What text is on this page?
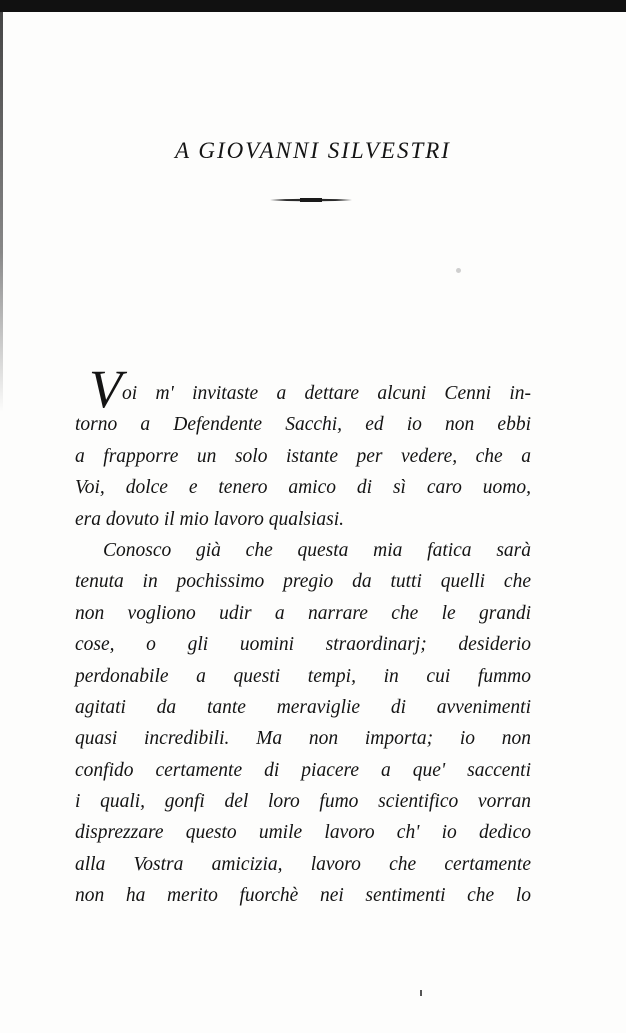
A GIOVANNI SILVESTRI
Voi m' invitaste a dettare alcuni Cenni in-
torno a Defendente Sacchi, ed io non ebbi
a frapporre un solo istante per vedere, che a
Voi, dolce e tenero amico di sì caro uomo,
era dovuto il mio lavoro qualsiasi.
Conosco già che questa mia fatica sarà
tenuta in pochissimo pregio da tutti quelli che
non vogliono udir a narrare che le grandi
cose, o gli uomini straordinarj; desiderio
perdonabile a questi tempi, in cui fummo
agitati da tante meraviglie di avvenimenti
quasi incredibili. Ma non importa; io non
confido certamente di piacere a que' saccenti
i quali, gonfi del loro fumo scientifico vorran
disprezzare questo umile lavoro ch' io dedico
alla Vostra amicizia, lavoro che certamente
non ha merito fuorchè nei sentimenti che lo
